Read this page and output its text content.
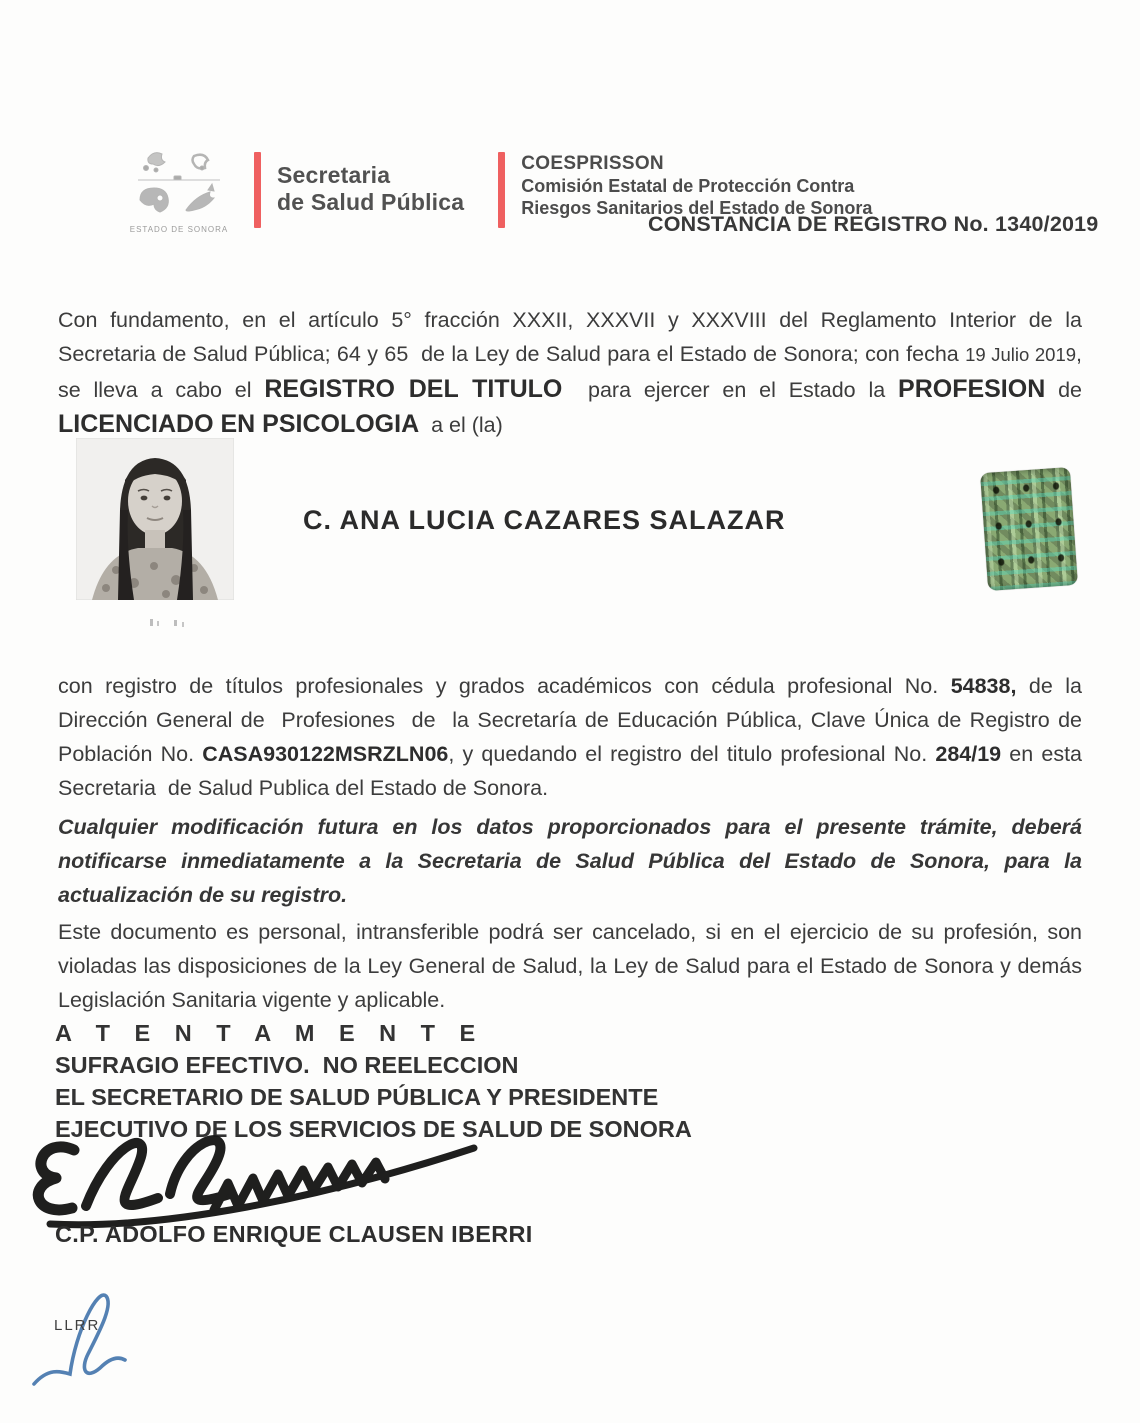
ESTADO DE SONORA
Secretaria
de Salud Pública
COESPRISSON
Comisión Estatal de Protección Contra
Riesgos Sanitarios del Estado de Sonora
CONSTANCIA DE REGISTRO No. 1340/2019

Con fundamento, en el artículo 5° fracción XXXII, XXXVII y XXXVIII del Reglamento Interior de la Secretaria de Salud Pública; 64 y 65  de la Ley de Salud para el Estado de Sonora; con fecha 19 Julio 2019, se lleva a cabo el REGISTRO DEL TITULO  para ejercer en el Estado la PROFESION de LICENCIADO EN PSICOLOGIA  a el (la)

C. ANA LUCIA CAZARES SALAZAR

con registro de títulos profesionales y grados académicos con cédula profesional No. 54838, de la Dirección General de  Profesiones  de  la Secretaría de Educación Pública, Clave Única de Registro de Población No. CASA930122MSRZLN06, y quedando el registro del titulo profesional No. 284/19 en esta Secretaria  de Salud Publica del Estado de Sonora.

Cualquier modificación futura en los datos proporcionados para el presente trámite, deberá notificarse inmediatamente a la Secretaria de Salud Pública del Estado de Sonora, para la actualización de su registro.

Este documento es personal, intransferible podrá ser cancelado, si en el ejercicio de su profesión, son violadas las disposiciones de la Ley General de Salud, la Ley de Salud para el Estado de Sonora y demás Legislación Sanitaria vigente y aplicable.

A T E N T A M E N T E
SUFRAGIO EFECTIVO.  NO REELECCION
EL SECRETARIO DE SALUD PÚBLICA Y PRESIDENTE
EJECUTIVO DE LOS SERVICIOS DE SALUD DE SONORA
C.P. ADOLFO ENRIQUE CLAUSEN IBERRI
LLRR
